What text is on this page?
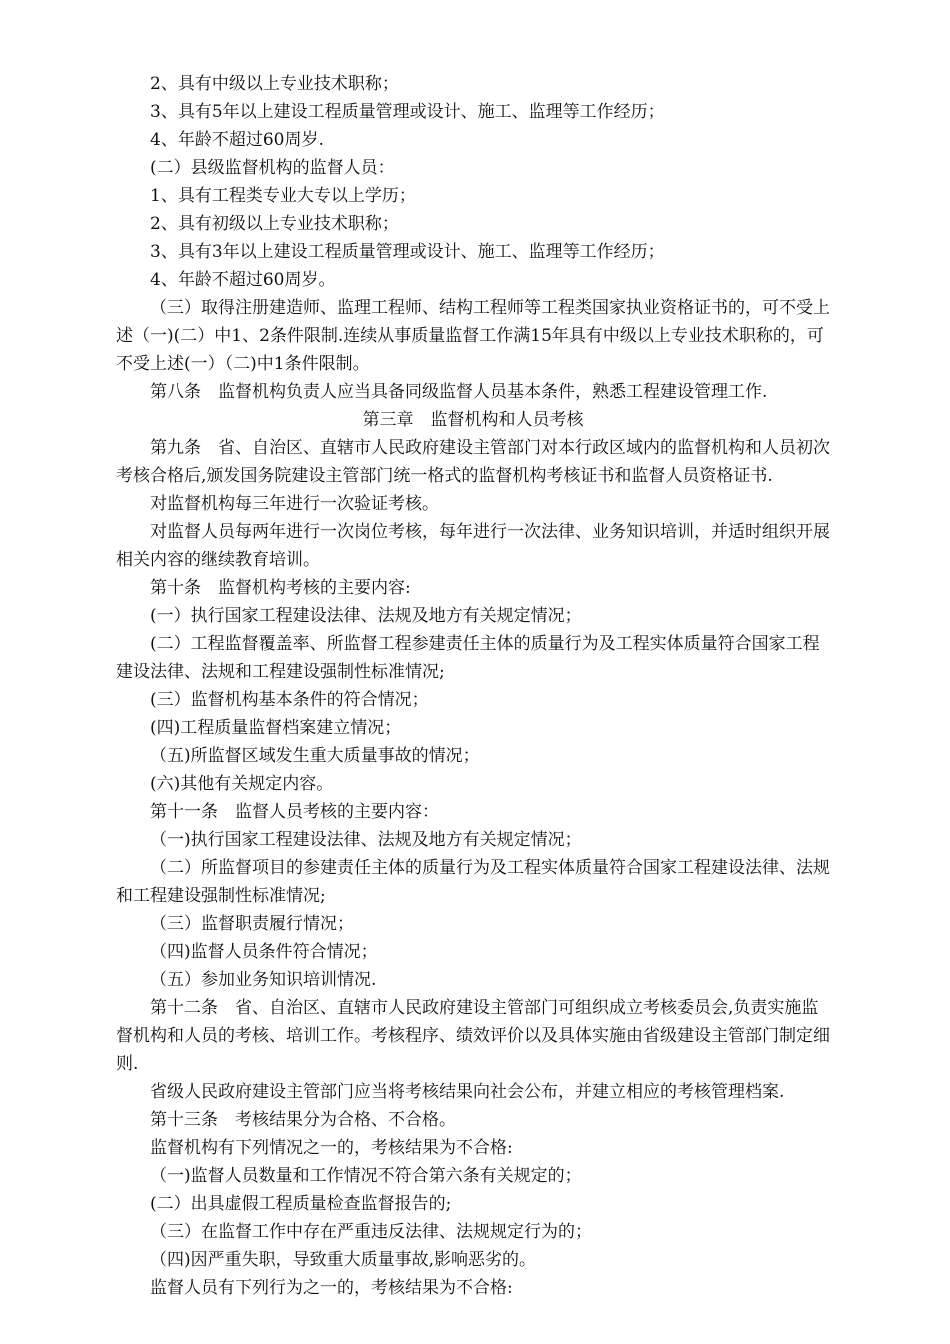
2、具有中级以上专业技术职称；

3、具有5年以上建设工程质量管理或设计、施工、监理等工作经历；

4、年龄不超过60周岁.

(二）县级监督机构的监督人员：

1、具有工程类专业大专以上学历；

2、具有初级以上专业技术职称；

3、具有3年以上建设工程质量管理或设计、施工、监理等工作经历；

4、年龄不超过60周岁。

（三）取得注册建造师、监理工程师、结构工程师等工程类国家执业资格证书的，可不受上述（一)(二）中1、2条件限制.连续从事质量监督工作满15年具有中级以上专业技术职称的，可不受上述(一）（二)中1条件限制。

第八条　监督机构负责人应当具备同级监督人员基本条件，熟悉工程建设管理工作.

第三章　监督机构和人员考核

第九条　省、自治区、直辖市人民政府建设主管部门对本行政区域内的监督机构和人员初次考核合格后,颁发国务院建设主管部门统一格式的监督机构考核证书和监督人员资格证书.

对监督机构每三年进行一次验证考核。

对监督人员每两年进行一次岗位考核，每年进行一次法律、业务知识培训，并适时组织开展相关内容的继续教育培训。

第十条　监督机构考核的主要内容:

(一）执行国家工程建设法律、法规及地方有关规定情况；

(二）工程监督覆盖率、所监督工程参建责任主体的质量行为及工程实体质量符合国家工程建设法律、法规和工程建设强制性标准情况;

(三）监督机构基本条件的符合情况；

(四)工程质量监督档案建立情况；

（五)所监督区域发生重大质量事故的情况；

(六)其他有关规定内容。

第十一条　监督人员考核的主要内容：

（一)执行国家工程建设法律、法规及地方有关规定情况；

（二）所监督项目的参建责任主体的质量行为及工程实体质量符合国家工程建设法律、法规和工程建设强制性标准情况;

（三）监督职责履行情况；

（四)监督人员条件符合情况；

（五）参加业务知识培训情况.

第十二条　省、自治区、直辖市人民政府建设主管部门可组织成立考核委员会,负责实施监督机构和人员的考核、培训工作。考核程序、绩效评价以及具体实施由省级建设主管部门制定细则.

省级人民政府建设主管部门应当将考核结果向社会公布，并建立相应的考核管理档案.

第十三条　考核结果分为合格、不合格。

监督机构有下列情况之一的，考核结果为不合格:

（一)监督人员数量和工作情况不符合第六条有关规定的；

(二）出具虚假工程质量检查监督报告的;

（三）在监督工作中存在严重违反法律、法规规定行为的；

（四)因严重失职，导致重大质量事故,影响恶劣的。

监督人员有下列行为之一的，考核结果为不合格:
